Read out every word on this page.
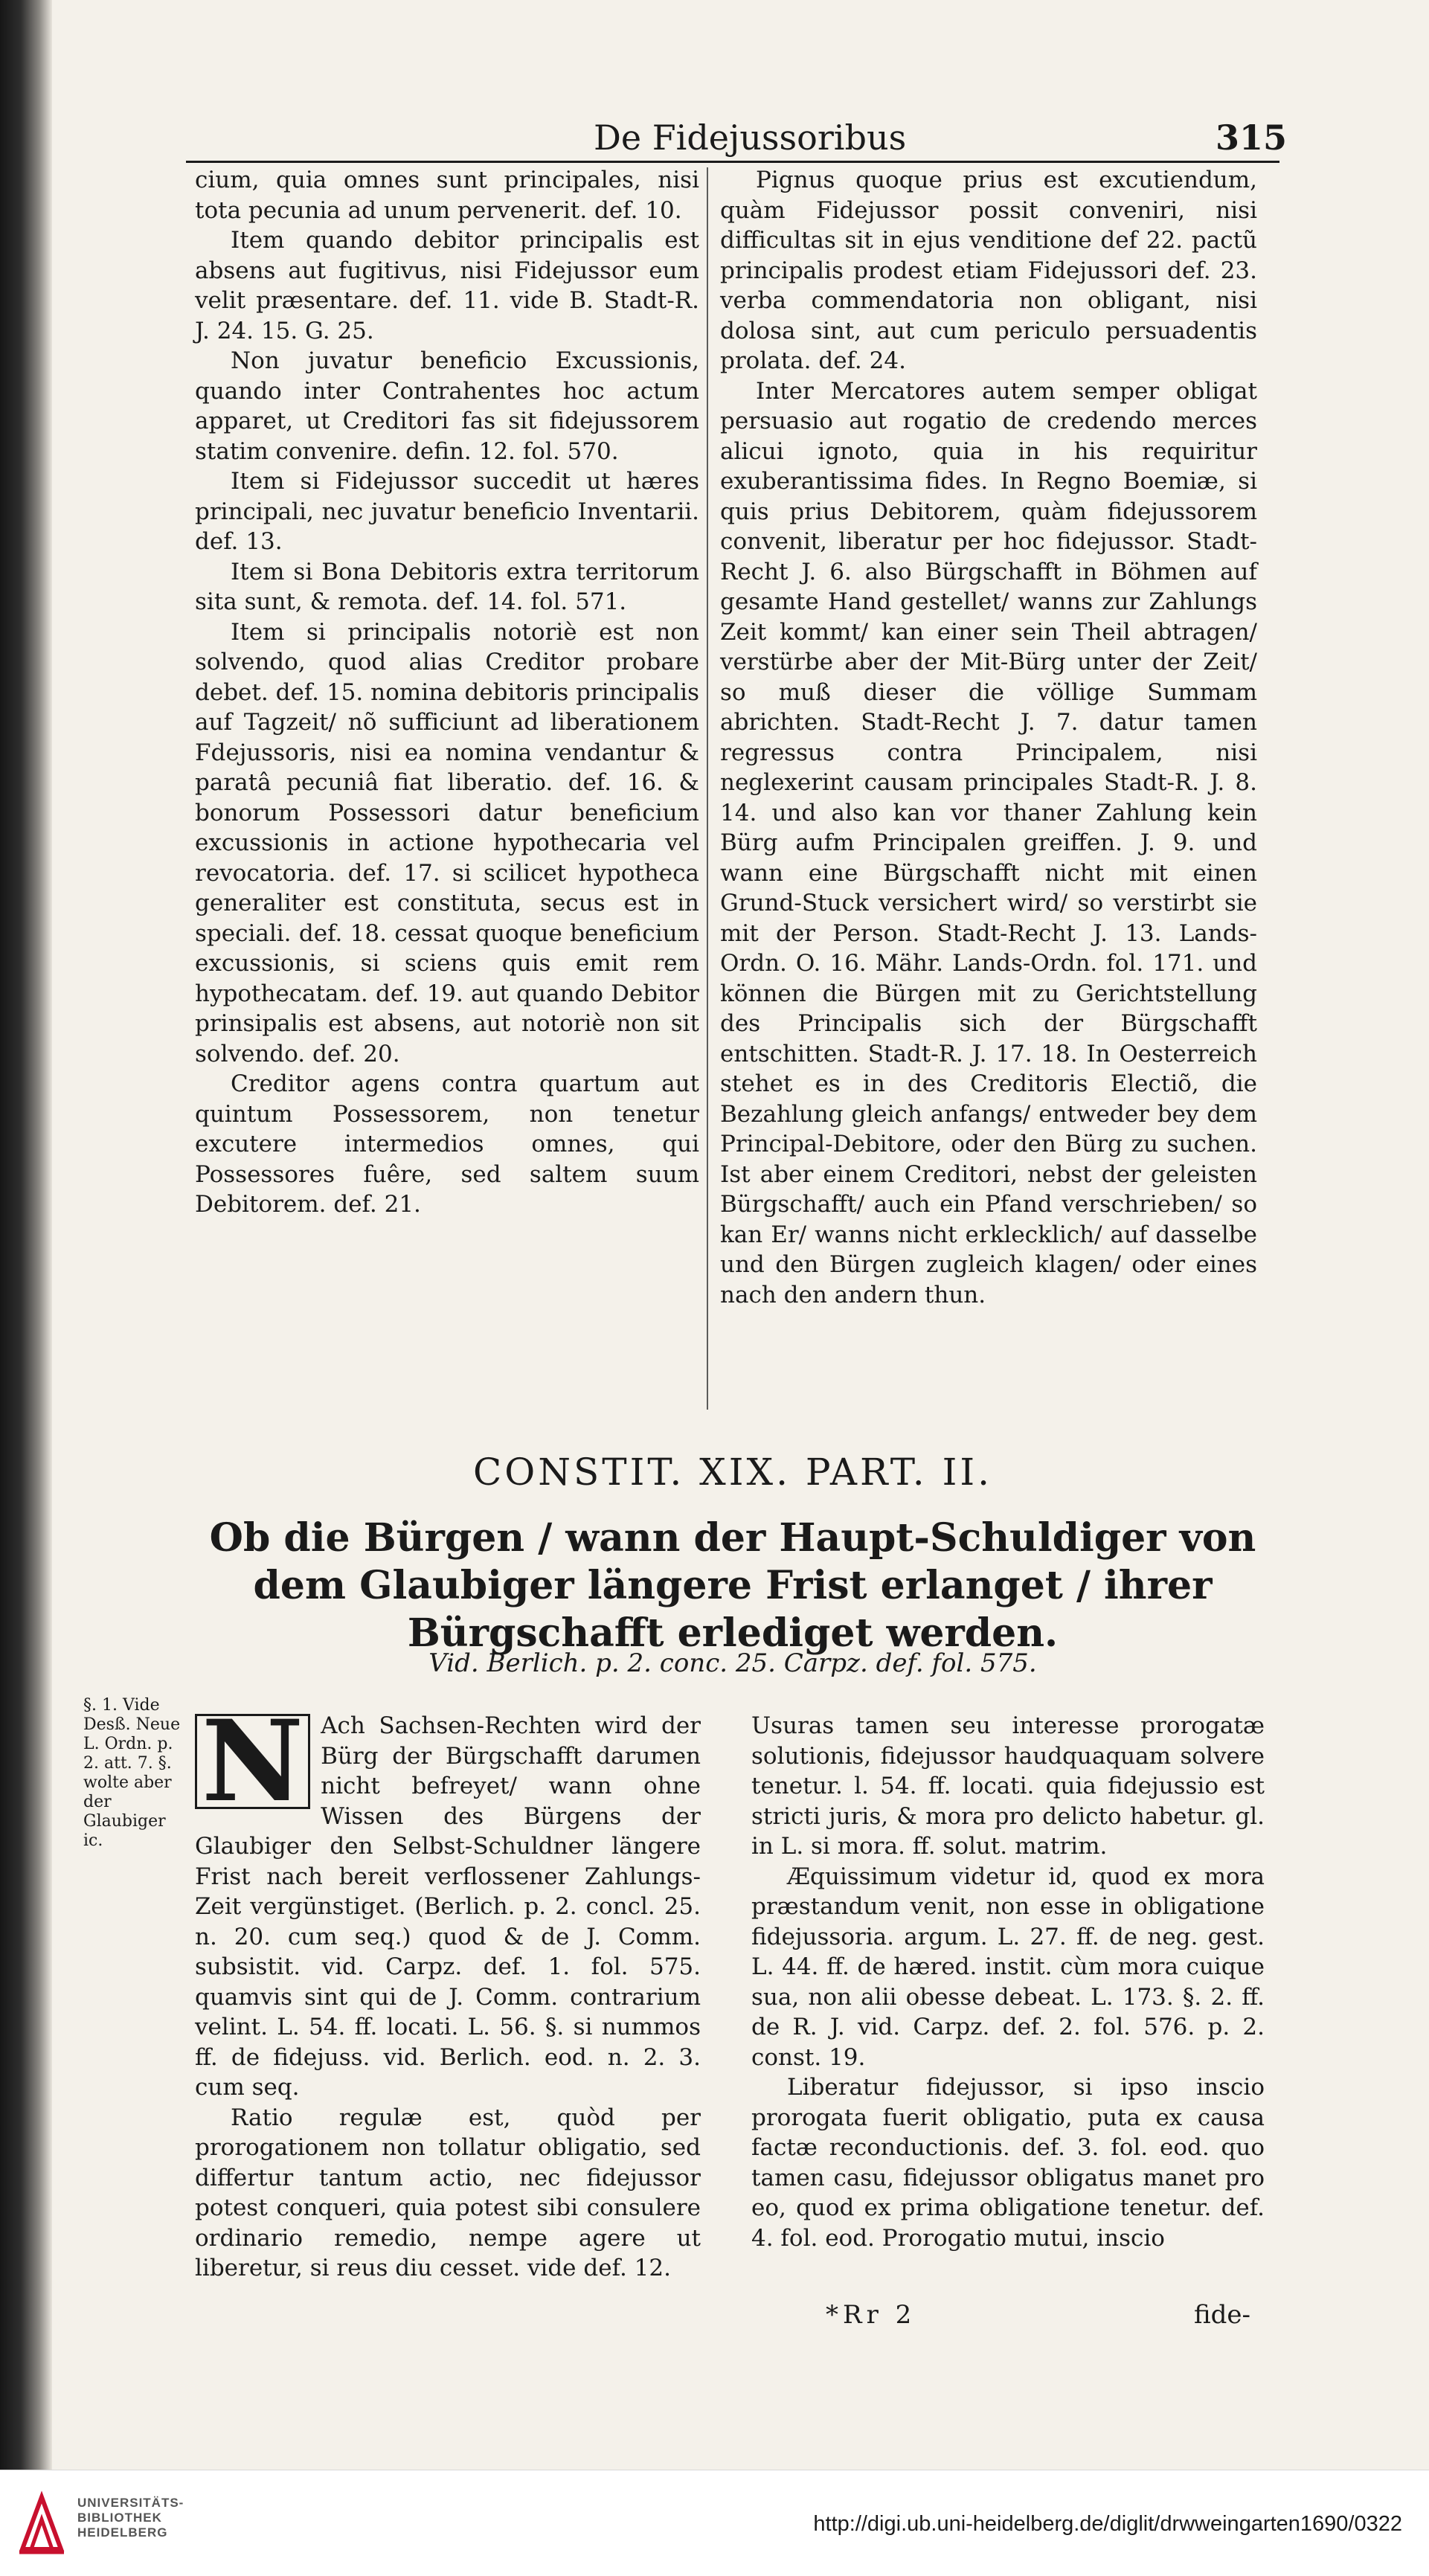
De Fidejussoribus	315

cium, quia omnes sunt principales, nisi tota pecunia ad unum pervenerit. def. 10.

Item quando debitor principalis est absens aut fugitivus, nisi Fidejussor eum velit præsentare. def. 11. vide B. Stadt-R. J. 24. 15. G. 25.

Non juvatur beneficio Excussionis, quando inter Contrahentes hoc actum apparet, ut Creditori fas sit fidejussorem statim convenire. defin. 12. fol. 570.

Item si Fidejussor succedit ut hæres principali, nec juvatur beneficio Inventarii. def. 13.

Item si Bona Debitoris extra territorum sita sunt, & remota. def. 14. fol. 571.

Item si principalis notoriè est non solvendo, quod alias Creditor probare debet. def. 15. nomina debitoris principalis auf Tagzeit/ nõ sufficiunt ad liberationem Fdejussoris, nisi ea nomina vendantur & paratâ pecuniâ fiat liberatio. def. 16. & bonorum Possessori datur beneficium excussionis in actione hypothecaria vel revocatoria. def. 17. si scilicet hypotheca generaliter est constituta, secus est in speciali. def. 18. cessat quoque beneficium excussionis, si sciens quis emit rem hypothecatam. def. 19. aut quando Debitor prinsipalis est absens, aut notoriè non sit solvendo. def. 20.

Creditor agens contra quartum aut quintum Possessorem, non tenetur excutere intermedios omnes, qui Possessores fuêre, sed saltem suum Debitorem. def. 21.

Pignus quoque prius est excutiendum, quàm Fidejussor possit conveniri, nisi difficultas sit in ejus venditione def 22. pactũ principalis prodest etiam Fidejussori def. 23. verba commendatoria non obligant, nisi dolosa sint, aut cum periculo persuadentis prolata. def. 24.

Inter Mercatores autem semper obligat persuasio aut rogatio de credendo merces alicui ignoto, quia in his requiritur exuberantissima fides. In Regno Boemiæ, si quis prius Debitorem, quàm fidejussorem convenit, liberatur per hoc fidejussor. Stadt-Recht J. 6. also Bürgschafft in Böhmen auf gesamte Hand gestellet/ wanns zur Zahlungs Zeit kommt/ kan einer sein Theil abtragen/ verstürbe aber der Mit-Bürg unter der Zeit/ so muß dieser die völlige Summam abrichten. Stadt-Recht J. 7. datur tamen regressus contra Principalem, nisi neglexerint causam principales Stadt-R. J. 8. 14. und also kan vor thaner Zahlung kein Bürg aufm Principalen greiffen. J. 9. und wann eine Bürgschafft nicht mit einen Grund-Stuck versichert wird/ so verstirbt sie mit der Person. Stadt-Recht J. 13. Lands-Ordn. O. 16. Mähr. Lands-Ordn. fol. 171. und können die Bürgen mit zu Gerichtstellung des Principalis sich der Bürgschafft entschitten. Stadt-R. J. 17. 18. In Oesterreich stehet es in des Creditoris Electiõ, die Bezahlung gleich anfangs/ entweder bey dem Principal-Debitore, oder den Bürg zu suchen. Ist aber einem Creditori, nebst der geleisten Bürgschafft/ auch ein Pfand verschrieben/ so kan Er/ wanns nicht erklecklich/ auf dasselbe und den Bürgen zugleich klagen/ oder eines nach den andern thun.

CONSTIT. XIX. PART. II.
Ob die Bürgen / wann der Haupt-Schuldiger von dem Glaubiger längere Frist erlanget / ihrer Bürgschafft erlediget werden.
Vid. Berlich. p. 2. conc. 25. Carpz. def. fol. 575.
§. 1. Vide Desß. Neue L. Ordn. p. 2. att. 7. §. wolte aber der Glaubiger ic.

N Ach Sachsen-Rechten wird der Bürg der Bürgschafft darumen nicht befreyet/ wann ohne Wissen des Bürgens der Glaubiger den Selbst-Schuldner längere Frist nach bereit verflossener Zahlungs-Zeit vergünstiget. (Berlich. p. 2. concl. 25. n. 20. cum seq.) quod & de J. Comm. subsistit. vid. Carpz. def. 1. fol. 575. quamvis sint qui de J. Comm. contrarium velint. L. 54. ff. locati. L. 56. §. si nummos ff. de fidejuss. vid. Berlich. eod. n. 2. 3. cum seq.

Ratio regulæ est, quòd per prorogationem non tollatur obligatio, sed differtur tantum actio, nec fidejussor potest conqueri, quia potest sibi consulere ordinario remedio, nempe agere ut liberetur, si reus diu cesset. vide def. 12.

Usuras tamen seu interesse prorogatæ solutionis, fidejussor haudquaquam solvere tenetur. l. 54. ff. locati. quia fidejussio est stricti juris, & mora pro delicto habetur. gl. in L. si mora. ff. solut. matrim.

Æquissimum videtur id, quod ex mora præstandum venit, non esse in obligatione fidejussoria. argum. L. 27. ff. de neg. gest. L. 44. ff. de hæred. instit. cùm mora cuique sua, non alii obesse debeat. L. 173. §. 2. ff. de R. J. vid. Carpz. def. 2. fol. 576. p. 2. const. 19.

Liberatur fidejussor, si ipso inscio prorogata fuerit obligatio, puta ex causa factæ reconductionis. def. 3. fol. eod. quo tamen casu, fidejussor obligatus manet pro eo, quod ex prima obligatione tenetur. def. 4. fol. eod. Prorogatio mutui, inscio

*Rr 2	fide-
UNIVERSITÄTS-
BIBLIOTHEK
HEIDELBERG	http://digi.ub.uni-heidelberg.de/diglit/drwweingarten1690/0322
